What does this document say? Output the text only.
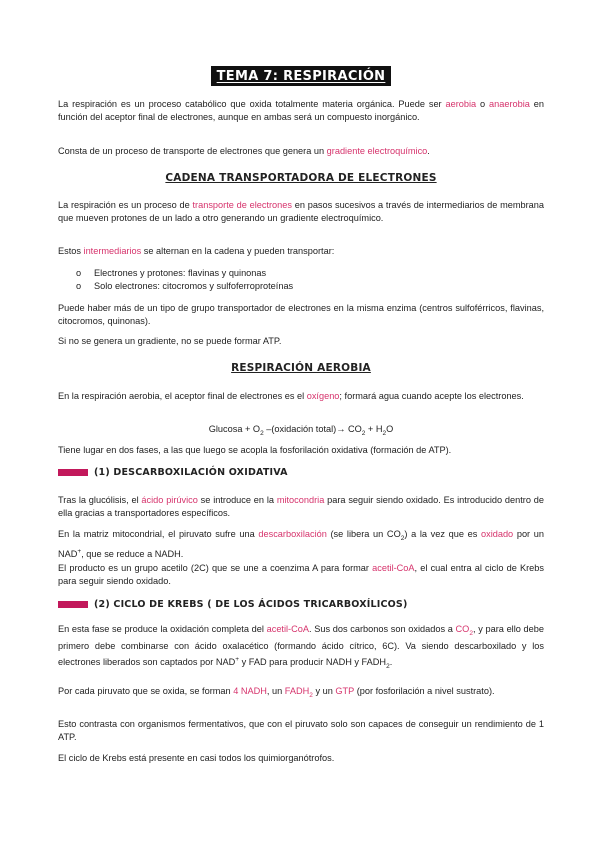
TEMA 7: RESPIRACIÓN

La respiración es un proceso catabólico que oxida totalmente materia orgánica. Puede ser aerobia o anaerobia en función del aceptor final de electrones, aunque en ambas será un compuesto inorgánico.

Consta de un proceso de transporte de electrones que genera un gradiente electroquímico.

CADENA TRANSPORTADORA DE ELECTRONES

La respiración es un proceso de transporte de electrones en pasos sucesivos a través de intermediarios de membrana que mueven protones de un lado a otro generando un gradiente electroquímico.

Estos intermediarios se alternan en la cadena y pueden transportar:

o Electrones y protones: flavinas y quinonas
o Solo electrones: citocromos y sulfoferroproteínas

Puede haber más de un tipo de grupo transportador de electrones en la misma enzima (centros sulfoférricos, flavinas, citocromos, quinonas).

Si no se genera un gradiente, no se puede formar ATP.

RESPIRACIÓN AEROBIA

En la respiración aerobia, el aceptor final de electrones es el oxígeno; formará agua cuando acepte los electrones.

$Glucosa + O_2$ –(oxidación total)→ $CO_2 + H_2O$

Tiene lugar en dos fases, a las que luego se acopla la fosforilación oxidativa (formación de ATP).

(1) DESCARBOXILACIÓN OXIDATIVA

Tras la glucólisis, el ácido pirúvico se introduce en la mitocondria para seguir siendo oxidado. Es introducido dentro de ella gracias a transportadores específicos.

En la matriz mitocondrial, el piruvato sufre una descarboxilación (se libera un $CO_2$) a la vez que es oxidado por un NAD+, que se reduce a NADH.

El producto es un grupo acetilo (2C) que se une a coenzima A para formar acetil-CoA, el cual entra al ciclo de Krebs para seguir siendo oxidado.

(2) CICLO DE KREBS ( DE LOS ÁCIDOS TRICARBOXÍLICOS)

En esta fase se produce la oxidación completa del acetil-CoA. Sus dos carbonos son oxidados a $CO_2$, y para ello debe primero debe combinarse con ácido oxalacético (formando ácido cítrico, 6C). Va siendo descarboxilado y los electrones liberados son captados por NAD+ y FAD para producir NADH y $FADH_2$.

Por cada piruvato que se oxida, se forman 4 NADH, un $FADH_2$ y un GTP (por fosforilación a nivel sustrato).

Esto contrasta con organismos fermentativos, que con el piruvato solo son capaces de conseguir un rendimiento de 1 ATP.

El ciclo de Krebs está presente en casi todos los quimiorganótrofos.
